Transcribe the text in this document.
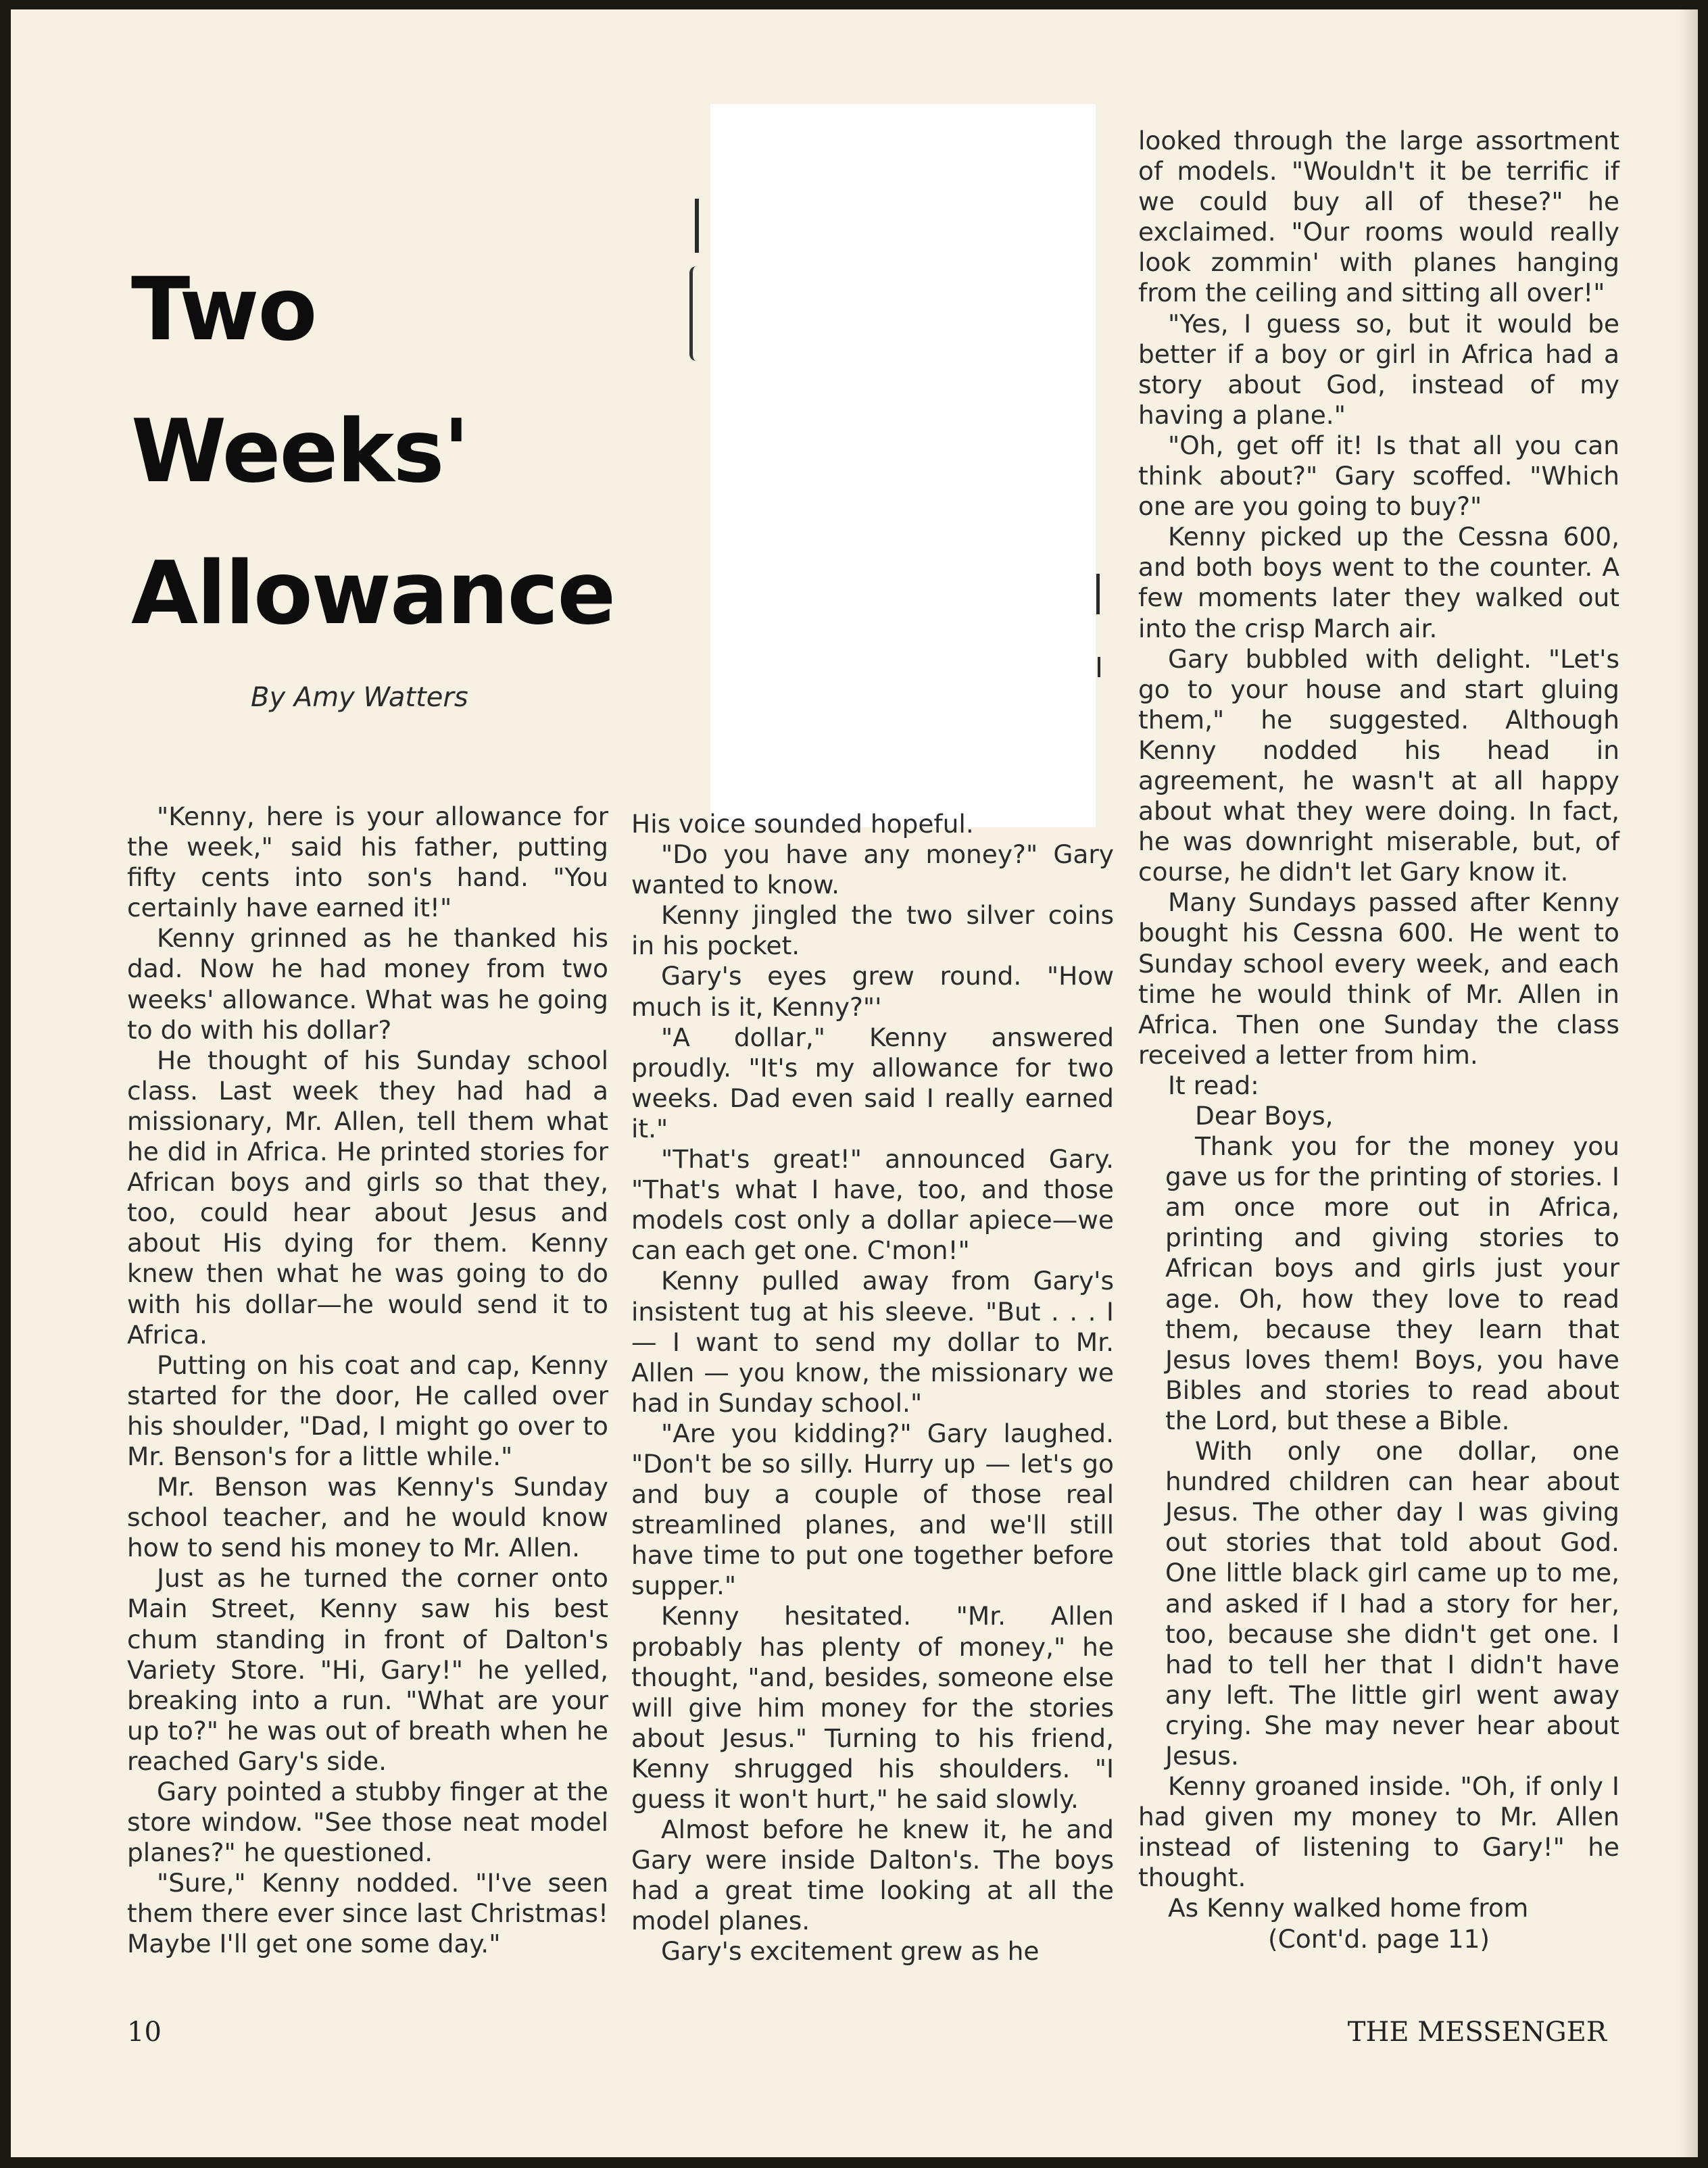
Two
Weeks'
Allowance
By Amy Watters

"Kenny, here is your allowance for the week," said his father, putting fifty cents into son's hand. "You certainly have earned it!"

Kenny grinned as he thanked his dad. Now he had money from two weeks' allowance. What was he going to do with his dollar?

He thought of his Sunday school class. Last week they had had a missionary, Mr. Allen, tell them what he did in Africa. He printed stories for African boys and girls so that they, too, could hear about Jesus and about His dying for them. Kenny knew then what he was going to do with his dollar—he would send it to Africa.

Putting on his coat and cap, Kenny started for the door, He called over his shoulder, "Dad, I might go over to Mr. Benson's for a little while."

Mr. Benson was Kenny's Sunday school teacher, and he would know how to send his money to Mr. Allen.

Just as he turned the corner onto Main Street, Kenny saw his best chum standing in front of Dalton's Variety Store. "Hi, Gary!" he yelled, breaking into a run. "What are your up to?" he was out of breath when he reached Gary's side.

Gary pointed a stubby finger at the store window. "See those neat model planes?" he questioned.

"Sure," Kenny nodded. "I've seen them there ever since last Christmas! Maybe I'll get one some day."

His voice sounded hopeful.

"Do you have any money?" Gary wanted to know.

Kenny jingled the two silver coins in his pocket.

Gary's eyes grew round. "How much is it, Kenny?"'

"A dollar," Kenny answered proudly. "It's my allowance for two weeks. Dad even said I really earned it."

"That's great!" announced Gary. "That's what I have, too, and those models cost only a dollar apiece—we can each get one. C'mon!"

Kenny pulled away from Gary's insistent tug at his sleeve. "But . . . I — I want to send my dollar to Mr. Allen — you know, the missionary we had in Sunday school."

"Are you kidding?" Gary laughed. "Don't be so silly. Hurry up — let's go and buy a couple of those real streamlined planes, and we'll still have time to put one together before supper."

Kenny hesitated. "Mr. Allen probably has plenty of money," he thought, "and, besides, someone else will give him money for the stories about Jesus." Turning to his friend, Kenny shrugged his shoulders. "I guess it won't hurt," he said slowly.

Almost before he knew it, he and Gary were inside Dalton's. The boys had a great time looking at all the model planes.

Gary's excitement grew as he

looked through the large assortment of models. "Wouldn't it be terrific if we could buy all of these?" he exclaimed. "Our rooms would really look zommin' with planes hanging from the ceiling and sitting all over!"

"Yes, I guess so, but it would be better if a boy or girl in Africa had a story about God, instead of my having a plane."

"Oh, get off it! Is that all you can think about?" Gary scoffed. "Which one are you going to buy?"

Kenny picked up the Cessna 600, and both boys went to the counter. A few moments later they walked out into the crisp March air.

Gary bubbled with delight. "Let's go to your house and start gluing them," he suggested. Although Kenny nodded his head in agreement, he wasn't at all happy about what they were doing. In fact, he was downright miserable, but, of course, he didn't let Gary know it.

Many Sundays passed after Kenny bought his Cessna 600. He went to Sunday school every week, and each time he would think of Mr. Allen in Africa. Then one Sunday the class received a letter from him.

It read:

Dear Boys,

Thank you for the money you gave us for the printing of stories. I am once more out in Africa, printing and giving stories to African boys and girls just your age. Oh, how they love to read them, because they learn that Jesus loves them! Boys, you have Bibles and stories to read about the Lord, but these a Bible.

With only one dollar, one hundred children can hear about Jesus. The other day I was giving out stories that told about God. One little black girl came up to me, and asked if I had a story for her, too, because she didn't get one. I had to tell her that I didn't have any left. The little girl went away crying. She may never hear about Jesus.

Kenny groaned inside. "Oh, if only I had given my money to Mr. Allen instead of listening to Gary!" he thought.

As Kenny walked home from

(Cont'd. page 11)

10	THE MESSENGER
